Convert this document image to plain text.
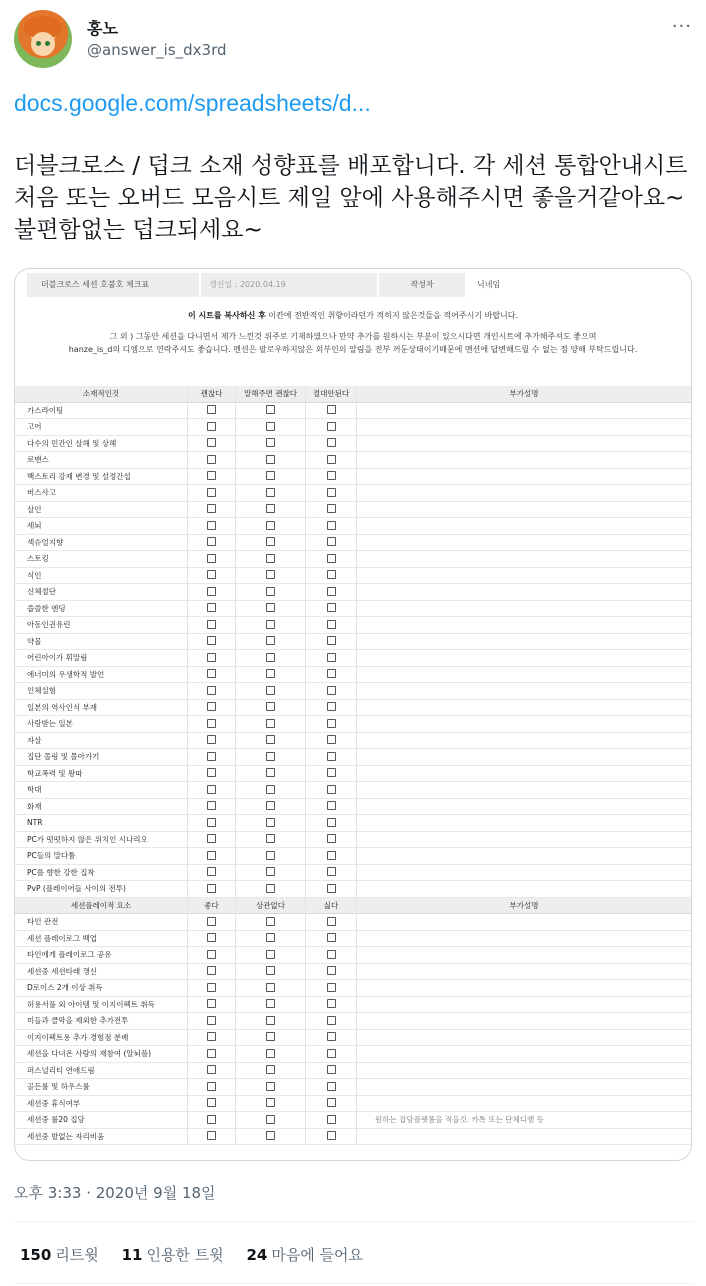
홍노
@answer_is_dx3rd
···
docs.google.com/spreadsheets/d...
더블크로스 / 덥크 소재 성향표를 배포합니다. 각 세션 통합안내시트 처음 또는 오버드 모음시트 제일 앞에 사용해주시면 좋을거같아요~ 불편함없는 덥크되세요~
더블크로스 세션 호불호 체크표	갱신일 : 2020.04.19	작성자	닉네임
이 시트를 복사하신 후 이칸에 전반적인 취향이라던가 적히지 않은것들을 적어주시기 바랍니다.
그 외 ) 그동안 세션을 다니면서 제가 느낀것 위주로 기재하였으나 만약 추가를 원하시는 부분이 있으시다면 개인시트에 추가해주셔도 좋으며
hanze_is_d의 디엠으로 연락주셔도 좋습니다. 멘션은 팔로우하지않은 외부인의 알림을 전부 꺼둔상태이기때문에 멘션에 답변해드릴 수 없는 점 양해 부탁드립니다.
소재적인것	괜찮다	말해주면 괜찮다	절대안된다	부가설명
가스라이팅
고어
다수의 민간인 살해 및 상해
로맨스
백스토리 강제 변경 및 설정간섭
버스사고
살인
세뇌
섹슈얼지향
스토킹
식인
신체절단
씁쓸한 엔딩
아동인권유린
약물
어린아이가 휘말림
에너미의 우생학적 발언
인체실험
일본의 역사인식 부재
사랑받는 일본
자살
집단 몰링 및 몰아가기
학교폭력 및 왕따
학대
화재
NTR
PC가 떳떳하지 않은 위치인 시나리오
PC들의 말다툼
PC를 향한 강한 집착
PvP (플레이어들 사이의 전투)
세션플레이적 요소	좋다	상관없다	싫다	부가설명
타인 관전
세션 플레이로그 백업
타인에게 플레이로그 공유
세션중 세션타래 갱신
D로이스 2개 이상 취득
허용서풀 외 아이템 및 이지이펙트 취득
미들과 클막을 제외한 추가전투
이지이펙트용 추가 경험점 분배
세션을 다녀온 사람의 재참여 (알뇌플)
퍼스널리티 연애드림
골든룰 및 하우스룰
세션중 휴식여부
세션중 룰20 집담	원하는 잡담플랫폼을 적을것. 카톡 또는 단체디엠 등
세션중 발없는 자리비움
오후 3:33 · 2020년 9월 18일
150 리트윗 11 인용한 트윗 24 마음에 들어요
